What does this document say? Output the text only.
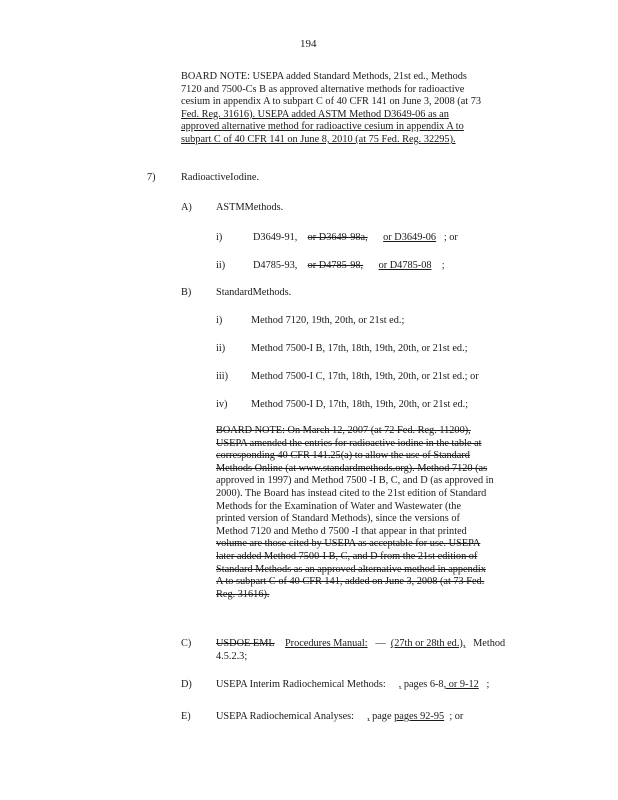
194
BOARD NOTE: USEPA added Standard Methods, 21st ed., Methods
7120 and 7500-Cs B as approved alternative methods for radioactive
cesium in appendix A to subpart C of 40 CFR 141 on June 3, 2008 (at 73
Fed. Reg. 31616). USEPA added ASTM Method D3649-06 as an
approved alternative method for radioactive cesium in appendix A to
subpart C of 40 CFR 141 on June 8, 2010 (at 75 Fed. Reg. 32295).
7) RadioactiveIodine.
A) ASTMMethods.
i)	D3649-91, or D3649-98a, or D3649-06 ; or
ii)	D4785-93, or D4785-98, or D4785-08 ;
B) StandardMethods.
i)	Method 7120, 19th, 20th, or 21st ed.;
ii)	Method 7500-I B, 17th, 18th, 19th, 20th, or 21st ed.;
iii) Method 7500-I C, 17th, 18th, 19th, 20th, or 21st ed.; or
iv) Method 7500-I D, 17th, 18th, 19th, 20th, or 21st ed.;
BOARD NOTE: On March 12, 2007 (at 72 Fed. Reg. 11200),
USEPA amended the entries for radioactive iodine in the table at
corresponding 40 CFR 141.25(a) to allow the use of Standard
Methods Online (at www.standardmethods.org). Method 7120 (as
approved in 1997) and Method 7500 -I B, C, and D (as approved in
2000). The Board has instead cited to the 21st edition of Standard
Methods for the Examination of Water and Wastewater (the
printed version of Standard Methods), since the versions of
Method 7120 and Metho d 7500 -I that appear in that printed
volume are those cited by USEPA as acceptable for use. USEPA
later added Method 7500-I B, C, and D from the 21st edition of
Standard Methods as an approved alternative method in appendix
A to subpart C of 40 CFR 141, added on June 3, 2008 (at 73 Fed.
Reg. 31616).
C) USDOE EML Procedures Manual: — (27th or 28th ed.), Method
4.5.2.3;
D) USEPA Interim Radiochemical Methods: , pages 6-8, or 9-12 ;
E) USEPA Radiochemical Analyses: , page pages 92-95 ; or
